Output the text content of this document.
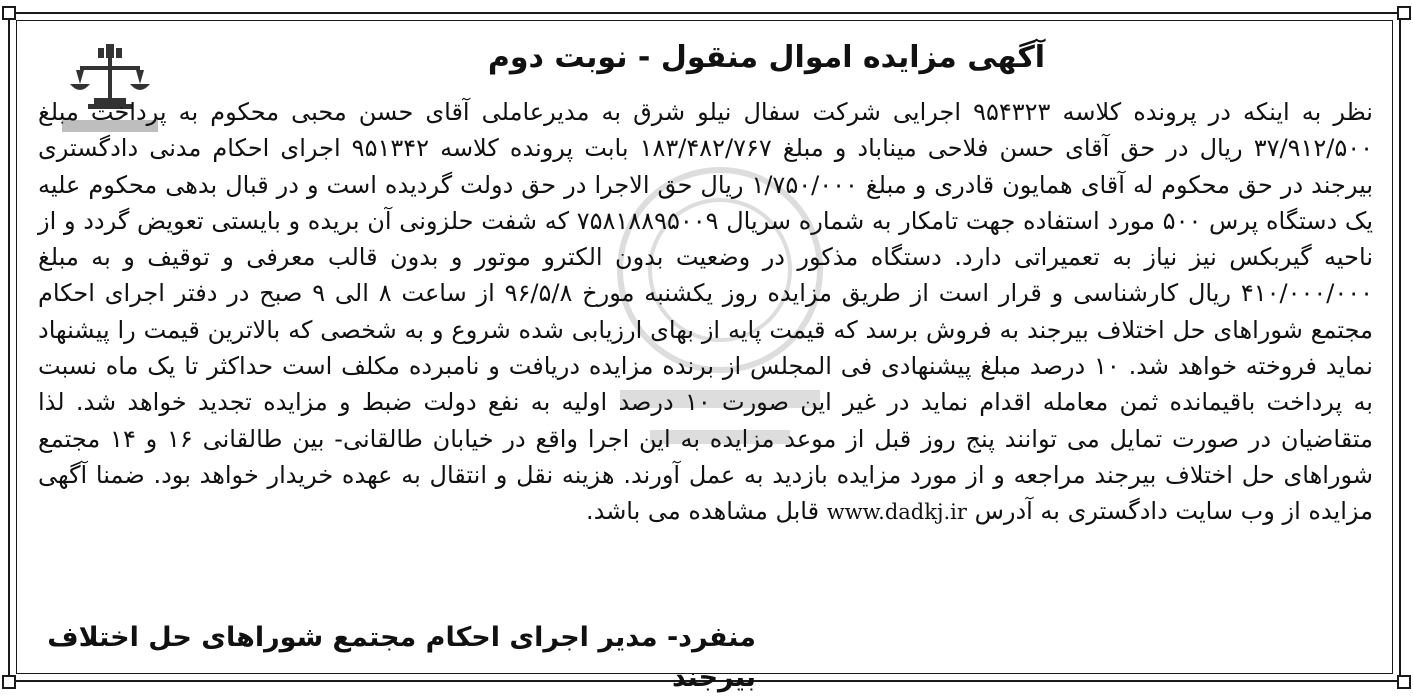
آگهی مزایده اموال منقول - نوبت دوم
نظر به اینکه در پرونده کلاسه ۹۵۴۳۲۳ اجرایی شرکت سفال نیلو شرق به مدیرعاملی آقای حسن محبی محکوم به پرداخت مبلغ ۳۷/۹۱۲/۵۰۰ ریال در حق آقای حسن فلاحی میناباد و مبلغ ۱۸۳/۴۸۲/۷۶۷ بابت پرونده کلاسه ۹۵۱۳۴۲ اجرای احکام مدنی دادگستری بیرجند در حق محکوم له آقای همایون قادری و مبلغ ۱/۷۵۰/۰۰۰ ریال حق الاجرا در حق دولت گردیده است و در قبال بدهی محکوم علیه یک دستگاه پرس ۵۰۰ مورد استفاده جهت تامکار به شماره سریال ۷۵۸۱۸۸۹۵۰۰۹ که شفت حلزونی آن بریده و بایستی تعویض گردد و از ناحیه گیربکس نیز نیاز به تعمیراتی دارد. دستگاه مذکور در وضعیت بدون الکترو موتور و بدون قالب معرفی و توقیف و به مبلغ ۴۱۰/۰۰۰/۰۰۰ ریال کارشناسی و قرار است از طریق مزایده روز یکشنبه مورخ ۹۶/۵/۸ از ساعت ۸ الی ۹ صبح در دفتر اجرای احکام مجتمع شوراهای حل اختلاف بیرجند به فروش برسد که قیمت پایه از بهای ارزیابی شده شروع و به شخصی که بالاترین قیمت را پیشنهاد نماید فروخته خواهد شد. ۱۰ درصد مبلغ پیشنهادی فی المجلس از برنده مزایده دریافت و نامبرده مکلف است حداکثر تا یک ماه نسبت به پرداخت باقیمانده ثمن معامله اقدام نماید در غیر این صورت ۱۰ درصد اولیه به نفع دولت ضبط و مزایده تجدید خواهد شد. لذا متقاضیان در صورت تمایل می توانند پنج روز قبل از موعد مزایده به این اجرا واقع در خیابان طالقانی- بین طالقانی ۱۶ و ۱۴ مجتمع شوراهای حل اختلاف بیرجند مراجعه و از مورد مزایده بازدید به عمل آورند. هزینه نقل و انتقال به عهده خریدار خواهد بود. ضمنا آگهی مزایده از وب سایت دادگستری به آدرس www.dadkj.ir قابل مشاهده می باشد.
منفرد- مدیر اجرای احکام مجتمع شوراهای حل اختلاف بیرجند
